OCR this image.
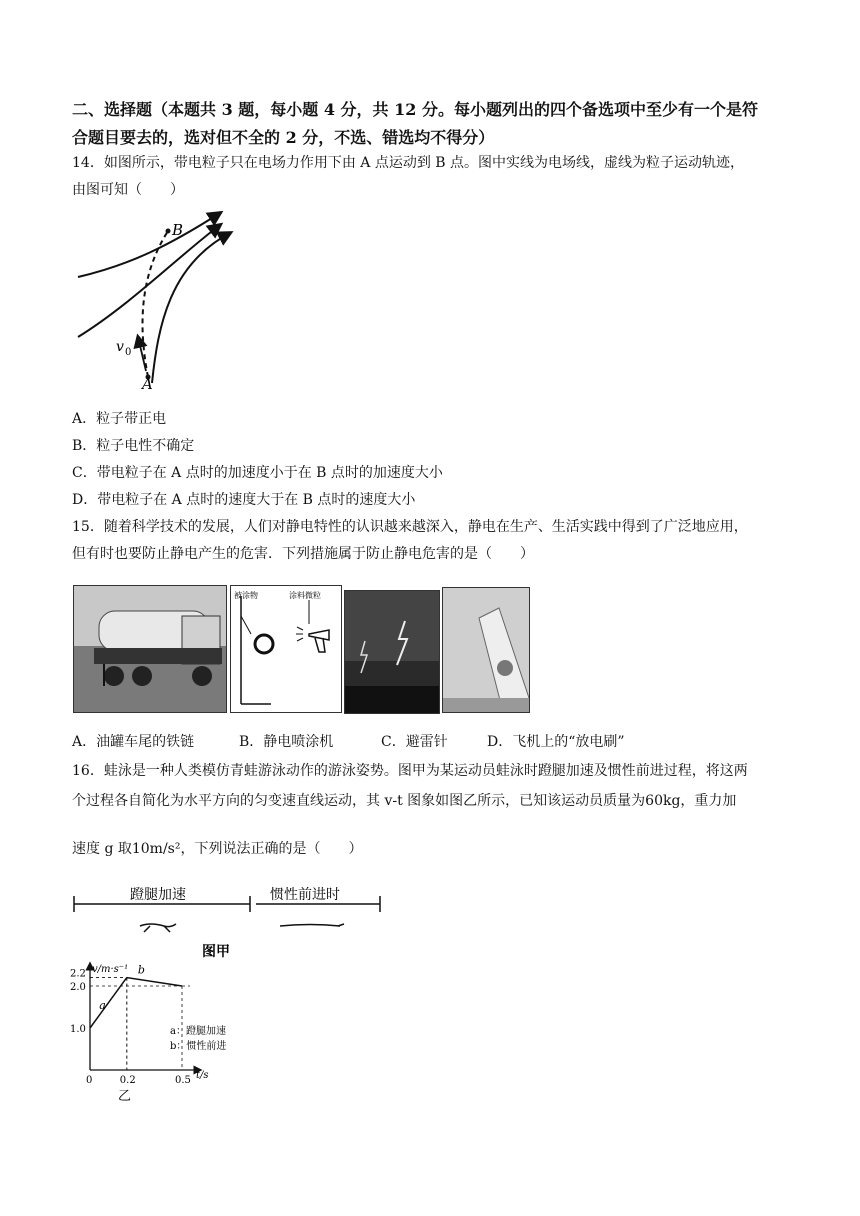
二、选择题（本题共 3 题，每小题 4 分，共 12 分。每小题列出的四个备选项中至少有一个是符
合题目要去的，选对但不全的 2 分，不选、错选均不得分）
14．如图所示，带电粒子只在电场力作用下由 A 点运动到 B 点。图中实线为电场线，虚线为粒子运动轨迹，
由图可知（　　）
B
A
v 0
A．粒子带正电
B．粒子电性不确定
C．带电粒子在 A 点时的加速度小于在 B 点时的加速度大小
D．带电粒子在 A 点时的速度大于在 B 点时的速度大小
15．随着科学技术的发展，人们对静电特性的认识越来越深入，静电在生产、生活实践中得到了广泛地应用，
但有时也要防止静电产生的危害．下列措施属于防止静电危害的是（　　）
被涂物	涂料微粒
A．油罐车尾的铁链	B．静电喷涂机	C．避雷针	D．飞机上的“放电刷”
16．蛙泳是一种人类模仿青蛙游泳动作的游泳姿势。图甲为某运动员蛙泳时蹬腿加速及惯性前进过程，将这两
个过程各自简化为水平方向的匀变速直线运动，其 v-t 图象如图乙所示，已知该运动员质量为60kg，重力加
速度 g 取10m/s²，下列说法正确的是（　　）
蹬腿加速	惯性前进时
图甲
v/m·s⁻¹
t/s
1.0
2.0
2.2
0	0.2	0.5
a
b
a：蹬腿加速
b：惯性前进
乙
